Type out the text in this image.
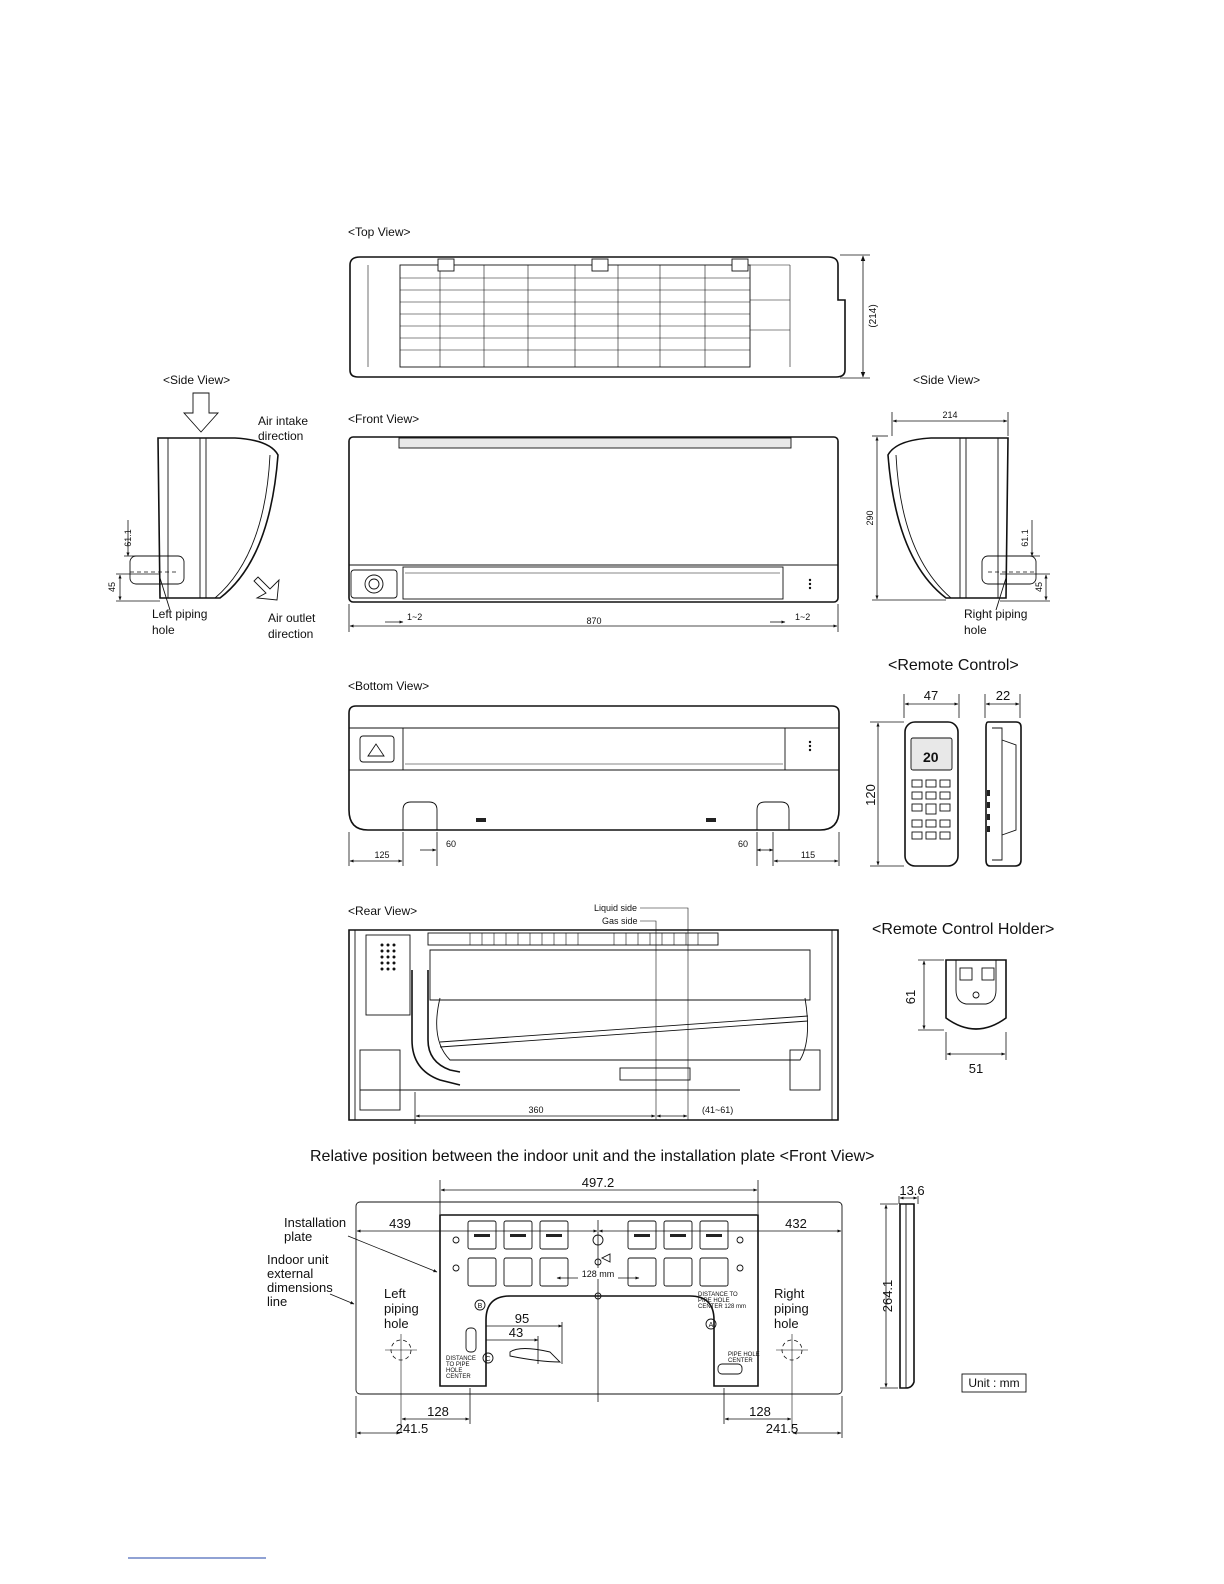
<Top View>
(214)
<Side View>
Air intake
direction
Air outlet
direction
61.1
45
Left piping
hole
<Front View>
870
1~2	1~2
<Side View>
214
290
61.1
45
Right piping
hole
<Bottom View>
125
60	60
115
<Remote Control>
47	22
120
20
<Rear View>	Liquid side
Gas side
360	(41~61)
<Remote Control Holder>
61
51
Relative position between the indoor unit and the installation plate <Front View>
497.2
439	432
128 mm
95
43
B
C
A
DISTANCE TO
PIPE HOLE
CENTER 128 mm
PIPE HOLE
CENTER
DISTANCE
TO PIPE
HOLE
CENTER
Left
piping
hole
Right
piping
hole
Installation
plate
Indoor unit
external
dimensions
line
128	128
241.5	241.5
13.6
264.1
Unit : mm
